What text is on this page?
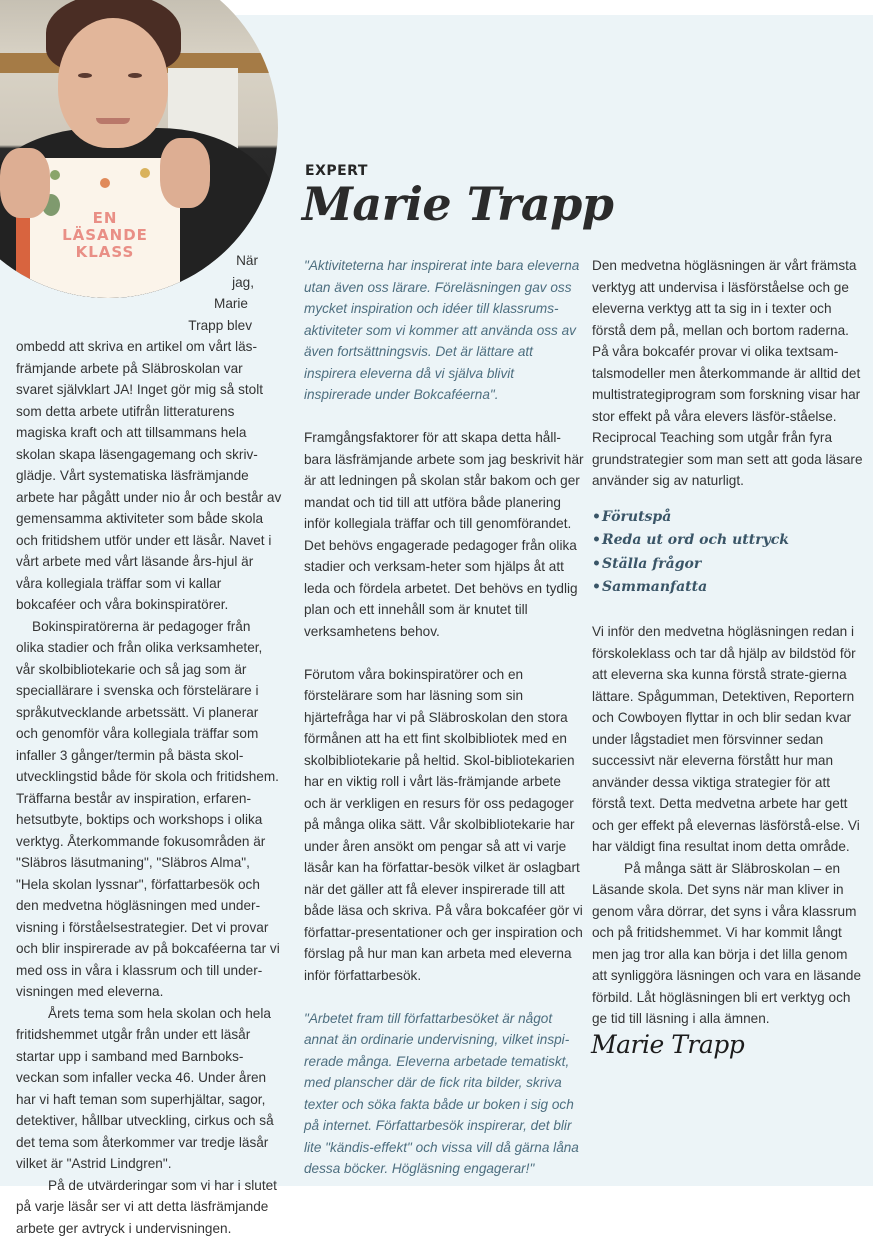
EN
LÄSANDE
KLASS
EXPERT
Marie Trapp
När
jag,
Marie
Trapp blev

ombedd att skriva en artikel om vårt läs-främjande arbete på Släbroskolan var svaret självklart JA! Inget gör mig så stolt som detta arbete utifrån litteraturens magiska kraft och att tillsammans hela skolan skapa läsengagemang och skriv-glädje. Vårt systematiska läsfrämjande arbete har pågått under nio år och består av gemensamma aktiviteter som både skola och fritidshem utför under ett läsår. Navet i vårt arbete med vårt läsande års-hjul är våra kollegiala träffar som vi kallar bokcaféer och våra bokinspiratörer.

Bokinspiratörerna är pedagoger från olika stadier och från olika verksamheter, vår skolbibliotekarie och så jag som är speciallärare i svenska och förstelärare i språkutvecklande arbetssätt. Vi planerar och genomför våra kollegiala träffar som infaller 3 gånger/termin på bästa skol-utvecklingstid både för skola och fritidshem. Träffarna består av inspiration, erfaren-hetsutbyte, boktips och workshops i olika verktyg. Återkommande fokusområden är "Släbros läsutmaning", "Släbros Alma", "Hela skolan lyssnar", författarbesök och den medvetna högläsningen med under-visning i förståelsestrategier. Det vi provar och blir inspirerade av på bokcaféerna tar vi med oss in våra i klassrum och till under-visningen med eleverna.

Årets tema som hela skolan och hela fritidshemmet utgår från under ett läsår startar upp i samband med Barnboks-veckan som infaller vecka 46. Under åren har vi haft teman som superhjältar, sagor, detektiver, hållbar utveckling, cirkus och så det tema som återkommer var tredje läsår vilket är "Astrid Lindgren".

På de utvärderingar som vi har i slutet på varje läsår ser vi att detta läsfrämjande arbete ger avtryck i undervisningen.

"Aktiviteterna har inspirerat inte bara eleverna utan även oss lärare. Föreläsningen gav oss mycket inspiration och idéer till klassrums-aktiviteter som vi kommer att använda oss av även fortsättningsvis. Det är lättare att inspirera eleverna då vi själva blivit inspirerade under Bokcaféerna".

Framgångsfaktorer för att skapa detta håll-bara läsfrämjande arbete som jag beskrivit här är att ledningen på skolan står bakom och ger mandat och tid till att utföra både planering inför kollegiala träffar och till genomförandet. Det behövs engagerade pedagoger från olika stadier och verksam-heter som hjälps åt att leda och fördela arbetet. Det behövs en tydlig plan och ett innehåll som är knutet till verksamhetens behov.

Förutom våra bokinspiratörer och en förstelärare som har läsning som sin hjärtefråga har vi på Släbroskolan den stora förmånen att ha ett fint skolbibliotek med en skolbibliotekarie på heltid. Skol-bibliotekarien har en viktig roll i vårt läs-främjande arbete och är verkligen en resurs för oss pedagoger på många olika sätt. Vår skolbibliotekarie har under åren ansökt om pengar så att vi varje läsår kan ha författar-besök vilket är oslagbart när det gäller att få elever inspirerade till att både läsa och skriva. På våra bokcaféer gör vi författar-presentationer och ger inspiration och förslag på hur man kan arbeta med eleverna inför författarbesök.

"Arbetet fram till författarbesöket är något annat än ordinarie undervisning, vilket inspi-rerade många. Eleverna arbetade tematiskt, med planscher där de fick rita bilder, skriva texter och söka fakta både ur boken i sig och på internet. Författarbesök inspirerar, det blir lite "kändis-effekt" och vissa vill då gärna låna dessa böcker. Högläsning engagerar!"

Den medvetna högläsningen är vårt främsta verktyg att undervisa i läsförståelse och ge eleverna verktyg att ta sig in i texter och förstå dem på, mellan och bortom raderna. På våra bokcafér provar vi olika textsam-talsmodeller men återkommande är alltid det multistrategiprogram som forskning visar har stor effekt på våra elevers läsför-ståelse. Reciprocal Teaching som utgår från fyra grundstrategier som man sett att goda läsare använder sig av naturligt.

•Förutspå
•Reda ut ord och uttryck
•Ställa frågor
•Sammanfatta

Vi inför den medvetna högläsningen redan i förskoleklass och tar då hjälp av bildstöd för att eleverna ska kunna förstå strate-gierna lättare. Spågumman, Detektiven, Reportern och Cowboyen flyttar in och blir sedan kvar under lågstadiet men försvinner sedan successivt när eleverna förstått hur man använder dessa viktiga strategier för att förstå text. Detta medvetna arbete har gett och ger effekt på elevernas läsförstå-else. Vi har väldigt fina resultat inom detta område.

På många sätt är Släbroskolan – en Läsande skola. Det syns när man kliver in genom våra dörrar, det syns i våra klassrum och på fritidshemmet. Vi har kommit långt men jag tror alla kan börja i det lilla genom att synliggöra läsningen och vara en läsande förbild. Låt högläsningen bli ert verktyg och ge tid till läsning i alla ämnen.

Marie Trapp
